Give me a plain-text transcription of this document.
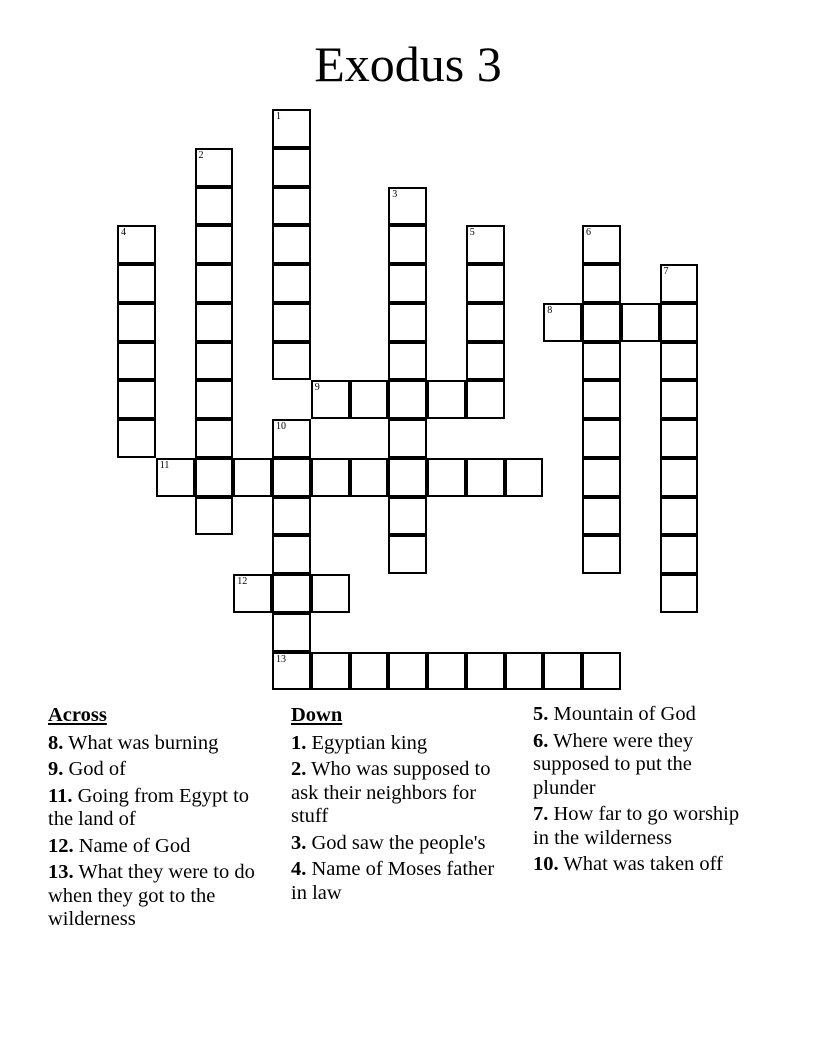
Exodus 3
1
2
3
4	5	6
7
8
9
10
13
11
12
Across
8. What was burning
9. God of
11. Going from Egypt to the land of
12. Name of God
13. What they were to do when they got to the wilderness
Down
1. Egyptian king
2. Who was supposed to ask their neighbors for stuff
3. God saw the people's
4. Name of Moses father in law
5. Mountain of God
6. Where were they supposed to put the plunder
7. How far to go worship in the wilderness
10. What was taken off
